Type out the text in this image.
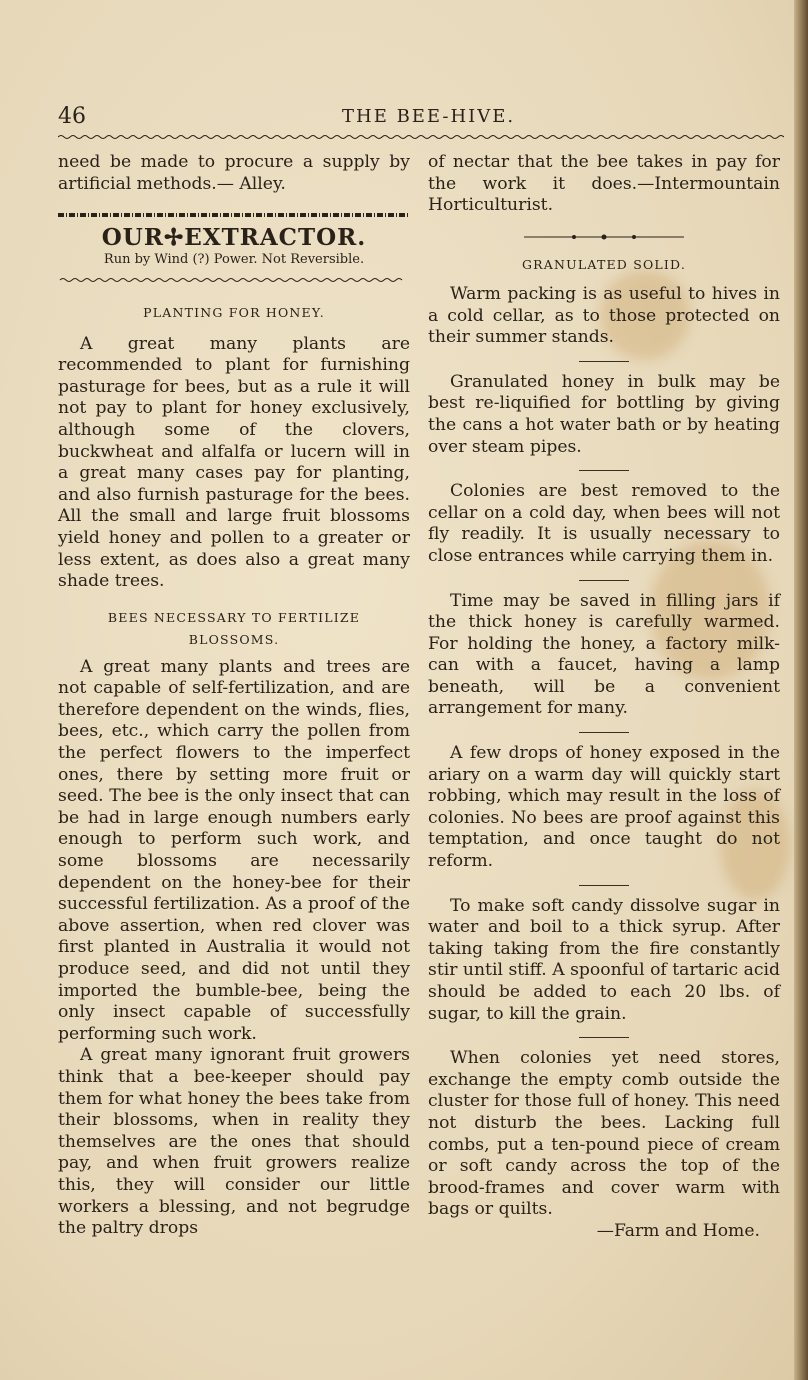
46	THE BEE-HIVE.

need be made to procure a supply by artificial methods.— Alley.

OUR✢EXTRACTOR.

Run by Wind (?) Power. Not Reversible.

PLANTING FOR HONEY.

A great many plants are recommended to plant for furnishing pasturage for bees, but as a rule it will not pay to plant for honey exclusively, although some of the clovers, buckwheat and alfalfa or lucern will in a great many cases pay for planting, and also furnish pasturage for the bees. All the small and large fruit blossoms yield honey and pollen to a greater or less extent, as does also a great many shade trees.

BEES NECESSARY TO FERTILIZE BLOSSOMS.

A great many plants and trees are not capable of self-fertilization, and are therefore dependent on the winds, flies, bees, etc., which carry the pollen from the perfect flowers to the imperfect ones, there by setting more fruit or seed. The bee is the only insect that can be had in large enough numbers early enough to perform such work, and some blossoms are necessarily dependent on the honey-bee for their successful fertilization. As a proof of the above assertion, when red clover was first planted in Australia it would not produce seed, and did not until they imported the bumble-bee, being the only insect capable of successfully performing such work.

A great many ignorant fruit growers think that a bee-keeper should pay them for what honey the bees take from their blossoms, when in reality they themselves are the ones that should pay, and when fruit growers realize this, they will consider our little workers a blessing, and not begrudge the paltry drops

of nectar that the bee takes in pay for the work it does.—Intermountain Horticulturist.

GRANULATED SOLID.

Warm packing is as useful to hives in a cold cellar, as to those protected on their summer stands.

Granulated honey in bulk may be best re-liquified for bottling by giving the cans a hot water bath or by heating over steam pipes.

Colonies are best removed to the cellar on a cold day, when bees will not fly readily. It is usually necessary to close entrances while carrying them in.

Time may be saved in filling jars if the thick honey is carefully warmed. For holding the honey, a factory milk-can with a faucet, having a lamp beneath, will be a convenient arrangement for many.

A few drops of honey exposed in the ariary on a warm day will quickly start robbing, which may result in the loss of colonies. No bees are proof against this temptation, and once taught do not reform.

To make soft candy dissolve sugar in water and boil to a thick syrup. After taking taking from the fire constantly stir until stiff. A spoonful of tartaric acid should be added to each 20 lbs. of sugar, to kill the grain.

When colonies yet need stores, exchange the empty comb outside the cluster for those full of honey. This need not disturb the bees. Lacking full combs, put a ten-pound piece of cream or soft candy across the top of the brood-frames and cover warm with bags or quilts.

—Farm and Home.
